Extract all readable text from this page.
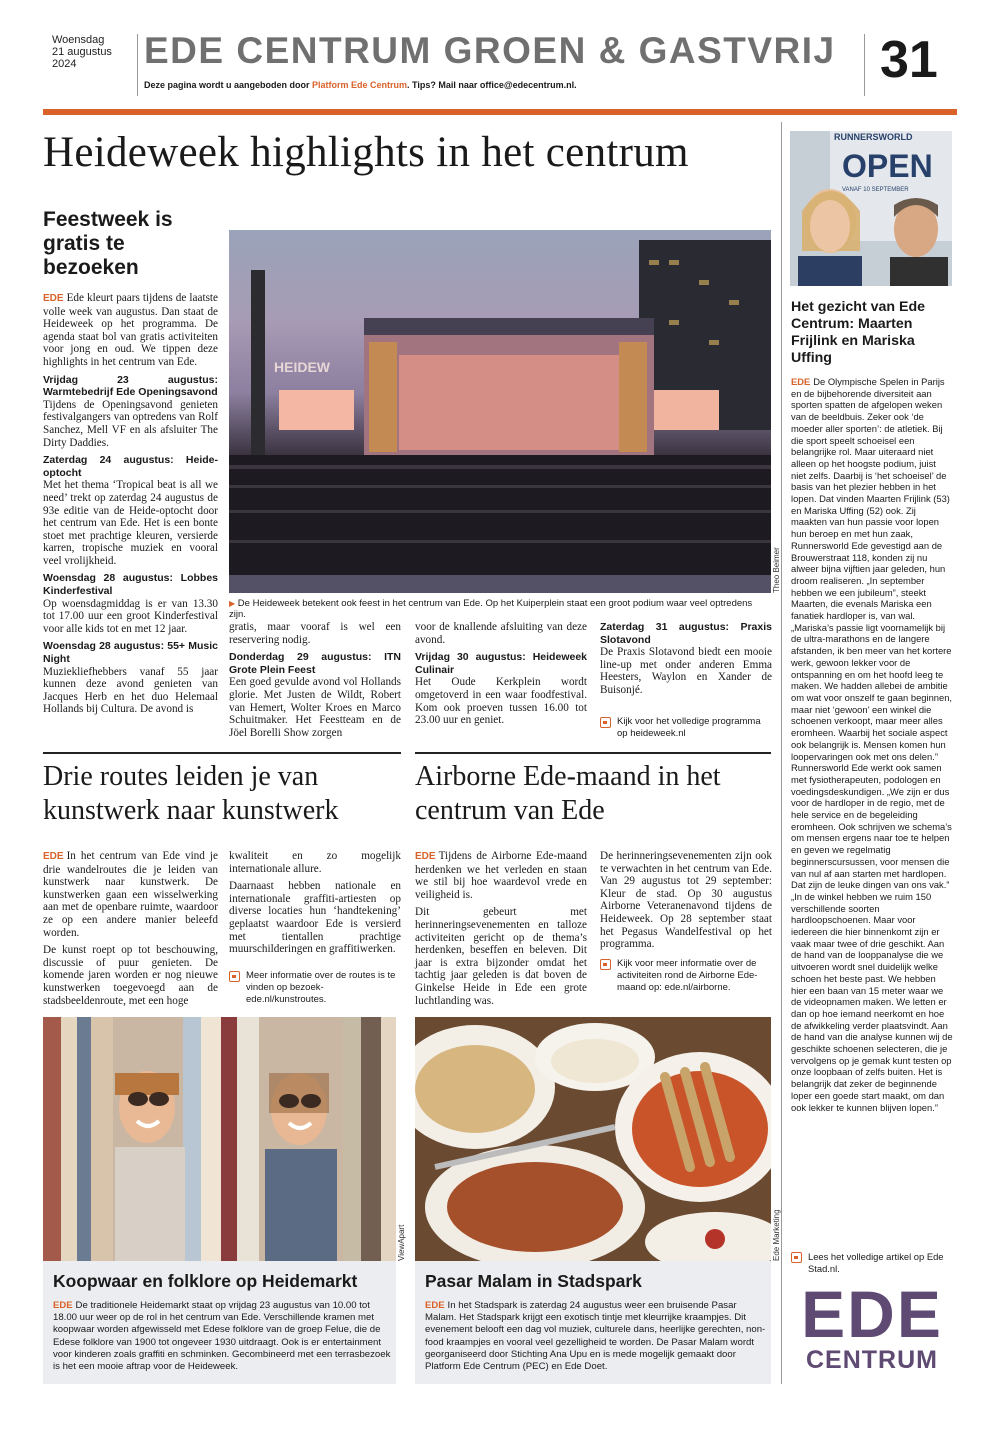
Woensdag
21 augustus
2024	EDE CENTRUM GROEN & GASTVRIJ
Deze pagina wordt u aangeboden door Platform Ede Centrum. Tips? Mail naar office@edecentrum.nl.	31
Heideweek highlights in het centrum
Feestweek is gratis te bezoeken

EDE Ede kleurt paars tijdens de laatste volle week van augustus. Dan staat de Heideweek op het programma. De agenda staat bol van gratis activiteiten voor jong en oud. We tippen deze highlights in het centrum van Ede.

Vrijdag 23 augustus: Warmtebedrijf Ede Openingsavond
Tijdens de Openingsavond genieten festivalgangers van optredens van Rolf Sanchez, Mell VF en als afsluiter The Dirty Daddies.

Zaterdag 24 augustus: Heide-optocht
Met het thema ‘Tropical beat is all we need’ trekt op zaterdag 24 augustus de 93e editie van de Heide-optocht door het centrum van Ede. Het is een bonte stoet met prachtige kleuren, versierde karren, tropische muziek en vooral veel vrolijkheid.

Woensdag 28 augustus: Lobbes Kinderfestival
Op woensdagmiddag is er van 13.30 tot 17.00 uur een groot Kinderfestival voor alle kids tot en met 12 jaar.

Woensdag 28 augustus: 55+ Music Night
Muziekliefhebbers vanaf 55 jaar kunnen deze avond genieten van Jacques Herb en het duo Helemaal Hollands bij Cultura. De avond is

HEIDEW
Theo Beimer
▶ De Heideweek betekent ook feest in het centrum van Ede. Op het Kuiperplein staat een groot podium waar veel optredens zijn.

gratis, maar vooraf is wel een reservering nodig.

Donderdag 29 augustus: ITN Grote Plein Feest
Een goed gevulde avond vol Hollands glorie. Met Justen de Wildt, Robert van Hemert, Wolter Kroes en Marco Schuitmaker. Het Feestteam en de Jöel Borelli Show zorgen

voor de knallende afsluiting van deze avond.

Vrijdag 30 augustus: Heideweek Culinair
Het Oude Kerkplein wordt omgetoverd in een waar foodfestival. Kom ook proeven tussen 16.00 tot 23.00 uur en geniet.

Zaterdag 31 augustus: Praxis Slotavond
De Praxis Slotavond biedt een mooie line-up met onder anderen Emma Heesters, Waylon en Xander de Buisonjé.

Kijk voor het volledige programma op heideweek.nl
Drie routes leiden je van kunstwerk naar kunstwerk

EDE In het centrum van Ede vind je drie wandelroutes die je leiden van kunstwerk naar kunstwerk. De kunstwerken gaan een wisselwerking aan met de openbare ruimte, waardoor ze op een andere manier beleefd worden.

De kunst roept op tot beschouwing, discussie of puur genieten. De komende jaren worden er nog nieuwe kunstwerken toegevoegd aan de stadsbeeldenroute, met een hoge

kwaliteit en zo mogelijk internationale allure.

Daarnaast hebben nationale en internationale graffiti-artiesten op diverse locaties hun ‘handtekening’ geplaatst waardoor Ede is versierd met tientallen prachtige muurschilderingen en graffitiwerken.

Meer informatie over de routes is te vinden op bezoek-ede.nl/kunstroutes.
Airborne Ede-maand in het centrum van Ede

EDE Tijdens de Airborne Ede-maand herdenken we het verleden en staan we stil bij hoe waardevol vrede en veiligheid is.

Dit gebeurt met herinneringsevenementen en talloze activiteiten gericht op de thema’s herdenken, beseffen en beleven. Dit jaar is extra bijzonder omdat het tachtig jaar geleden is dat boven de Ginkelse Heide in Ede een grote luchtlanding was.

De herinneringsevenementen zijn ook te verwachten in het centrum van Ede. Van 29 augustus tot 29 september: Kleur de stad. Op 30 augustus Airborne Veteranenavond tijdens de Heideweek. Op 28 september staat het Pegasus Wandelfestival op het programma.

Kijk voor meer informatie over de activiteiten rond de Airborne Ede-maand op: ede.nl/airborne.
ViewApart
Koopwaar en folklore op Heidemarkt
EDE De traditionele Heidemarkt staat op vrijdag 23 augustus van 10.00 tot 18.00 uur weer op de rol in het centrum van Ede. Verschillende kramen met koopwaar worden afgewisseld met Edese folklore van de groep Felue, die de Edese folklore van 1900 tot ongeveer 1930 uitdraagt. Ook is er entertainment voor kinderen zoals graffiti en schminken. Gecombineerd met een terrasbezoek is het een mooie aftrap voor de Heideweek.
Ede Marketing
Pasar Malam in Stadspark
EDE In het Stadspark is zaterdag 24 augustus weer een bruisende Pasar Malam. Het Stadspark krijgt een exotisch tintje met kleurrijke kraampjes. Dit evenement belooft een dag vol muziek, culturele dans, heerlijke gerechten, non-food kraampjes en vooral veel gezelligheid te worden. De Pasar Malam wordt georganiseerd door Stichting Ana Upu en is mede mogelijk gemaakt door Platform Ede Centrum (PEC) en Ede Doet.
RUNNERSWORLD
OPEN
VANAF 10 SEPTEMBER
Het gezicht van Ede Centrum: Maarten Frijlink en Mariska Uffing
EDE De Olympische Spelen in Parijs en de bijbehorende diversiteit aan sporten spatten de afgelopen weken van de beeldbuis. Zeker ook ‘de moeder aller sporten’: de atletiek. Bij die sport speelt schoeisel een belangrijke rol. Maar uiteraard niet alleen op het hoogste podium, juist niet zelfs. Daarbij is ‘het schoeisel’ de basis van het plezier hebben in het lopen. Dat vinden Maarten Frijlink (53) en Mariska Uffing (52) ook. Zij maakten van hun passie voor lopen hun beroep en met hun zaak, Runnersworld Ede gevestigd aan de Brouwerstraat 118, konden zij nu alweer bijna vijftien jaar geleden, hun droom realiseren. „In september hebben we een jubileum”, steekt Maarten, die evenals Mariska een fanatiek hardloper is, van wal. „Mariska’s passie ligt voornamelijk bij de ultra-marathons en de langere afstanden, ik ben meer van het kortere werk, gewoon lekker voor de ontspanning en om het hoofd leeg te maken. We hadden allebei de ambitie om wat voor onszelf te gaan beginnen, maar niet ‘gewoon’ een winkel die schoenen verkoopt, maar meer alles eromheen. Waarbij het sociale aspect ook belangrijk is. Mensen komen hun loopervaringen ook met ons delen.” Runnersworld Ede werkt ook samen met fysiotherapeuten, podologen en voedingsdeskundigen. „We zijn er dus voor de hardloper in de regio, met de hele service en de begeleiding eromheen. Ook schrijven we schema’s om mensen ergens naar toe te helpen en geven we regelmatig beginnerscursussen, voor mensen die van nul af aan starten met hardlopen. Dat zijn de leuke dingen van ons vak.” „In de winkel hebben we ruim 150 verschillende soorten hardloopschoenen. Maar voor iedereen die hier binnenkomt zijn er vaak maar twee of drie geschikt. Aan de hand van de looppanalyse die we uitvoeren wordt snel duidelijk welke schoen het beste past. We hebben hier een baan van 15 meter waar we de videopnamen maken. We letten er dan op hoe iemand neerkomt en hoe de afwikkeling verder plaatsvindt. Aan de hand van die analyse kunnen wij de geschikte schoenen selecteren, die je vervolgens op je gemak kunt testen op onze loopbaan of zelfs buiten. Het is belangrijk dat zeker de beginnende loper een goede start maakt, om dan ook lekker te kunnen blijven lopen.”
Lees het volledige artikel op Ede Stad.nl.
EDE
CENTRUM
